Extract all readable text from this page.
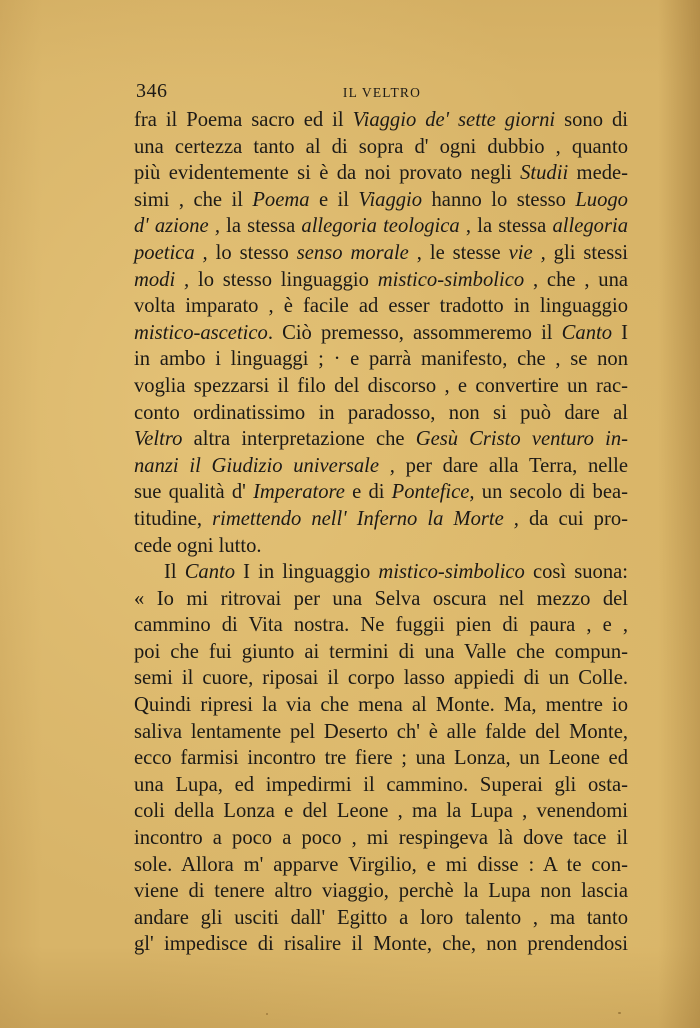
346	IL VELTRO
fra il Poema sacro ed il Viaggio de' sette giorni sono di
una certezza tanto al di sopra d' ogni dubbio , quanto
più evidentemente si è da noi provato negli Studii mede-
simi , che il Poema e il Viaggio hanno lo stesso Luogo
d' azione , la stessa allegoria teologica , la stessa allegoria
poetica , lo stesso senso morale , le stesse vie , gli stessi
modi , lo stesso linguaggio mistico-simbolico , che , una
volta imparato , è facile ad esser tradotto in linguaggio
mistico-ascetico. Ciò premesso, assommeremo il Canto I
in ambo i linguaggi ; · e parrà manifesto, che , se non
voglia spezzarsi il filo del discorso , e convertire un rac-
conto ordinatissimo in paradosso, non si può dare al
Veltro altra interpretazione che Gesù Cristo venturo in-
nanzi il Giudizio universale , per dare alla Terra, nelle
sue qualità d' Imperatore e di Pontefice, un secolo di bea-
titudine, rimettendo nell' Inferno la Morte , da cui pro-
cede ogni lutto.
Il Canto I in linguaggio mistico-simbolico così suona:
« Io mi ritrovai per una Selva oscura nel mezzo del
cammino di Vita nostra. Ne fuggii pien di paura , e ,
poi che fui giunto ai termini di una Valle che compun-
semi il cuore, riposai il corpo lasso appiedi di un Colle.
Quindi ripresi la via che mena al Monte. Ma, mentre io
saliva lentamente pel Deserto ch' è alle falde del Monte,
ecco farmisi incontro tre fiere ; una Lonza, un Leone ed
una Lupa, ed impedirmi il cammino. Superai gli osta-
coli della Lonza e del Leone , ma la Lupa , venendomi
incontro a poco a poco , mi respingeva là dove tace il
sole. Allora m' apparve Virgilio, e mi disse : A te con-
viene di tenere altro viaggio, perchè la Lupa non lascia
andare gli usciti dall' Egitto a loro talento , ma tanto
gl' impedisce di risalire il Monte, che, non prendendosi
